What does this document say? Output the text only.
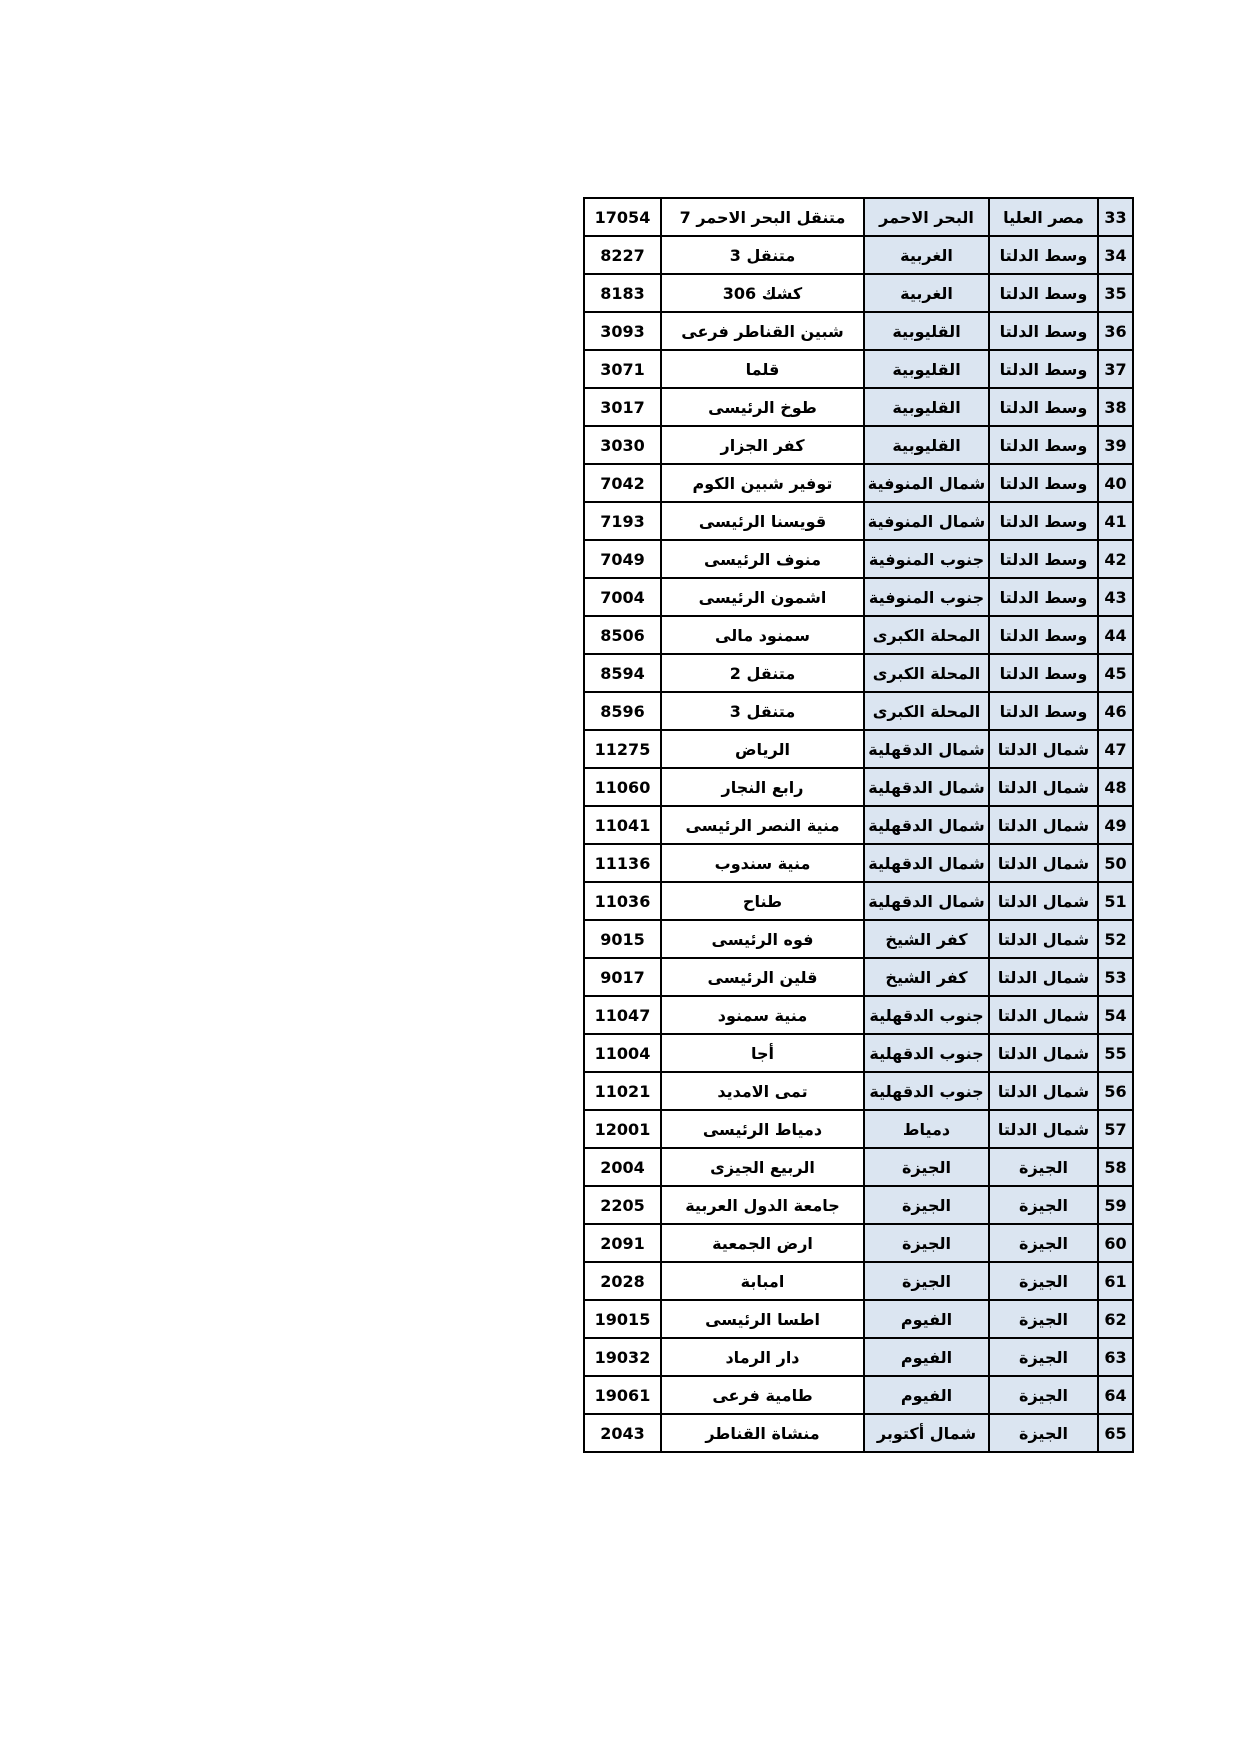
33	مصر العليا	البحر الاحمر	متنقل البحر الاحمر 7	17054
34	وسط الدلتا	الغربية	متنقل 3	8227
35	وسط الدلتا	الغربية	كشك 306	8183
36	وسط الدلتا	القليوبية	شبين القناطر فرعى	3093
37	وسط الدلتا	القليوبية	قلما	3071
38	وسط الدلتا	القليوبية	طوخ الرئيسى	3017
39	وسط الدلتا	القليوبية	كفر الجزار	3030
40	وسط الدلتا	شمال المنوفية	توفير شبين الكوم	7042
41	وسط الدلتا	شمال المنوفية	قويسنا الرئيسى	7193
42	وسط الدلتا	جنوب المنوفية	منوف الرئيسى	7049
43	وسط الدلتا	جنوب المنوفية	اشمون الرئيسى	7004
44	وسط الدلتا	المحلة الكبرى	سمنود مالى	8506
45	وسط الدلتا	المحلة الكبرى	متنقل 2	8594
46	وسط الدلتا	المحلة الكبرى	متنقل 3	8596
47	شمال الدلتا	شمال الدقهلية	الرياض	11275
48	شمال الدلتا	شمال الدقهلية	رابع النجار	11060
49	شمال الدلتا	شمال الدقهلية	منية النصر الرئيسى	11041
50	شمال الدلتا	شمال الدقهلية	منية سندوب	11136
51	شمال الدلتا	شمال الدقهلية	طناح	11036
52	شمال الدلتا	كفر الشيخ	فوه الرئيسى	9015
53	شمال الدلتا	كفر الشيخ	قلين الرئيسى	9017
54	شمال الدلتا	جنوب الدقهلية	منية سمنود	11047
55	شمال الدلتا	جنوب الدقهلية	أجا	11004
56	شمال الدلتا	جنوب الدقهلية	تمى الامديد	11021
57	شمال الدلتا	دمياط	دمياط الرئيسى	12001
58	الجيزة	الجيزة	الربيع الجيزى	2004
59	الجيزة	الجيزة	جامعة الدول العربية	2205
60	الجيزة	الجيزة	ارض الجمعية	2091
61	الجيزة	الجيزة	امبابة	2028
62	الجيزة	الفيوم	اطسا الرئيسى	19015
63	الجيزة	الفيوم	دار الرماد	19032
64	الجيزة	الفيوم	طامية فرعى	19061
65	الجيزة	شمال أكتوبر	منشاة القناطر	2043
